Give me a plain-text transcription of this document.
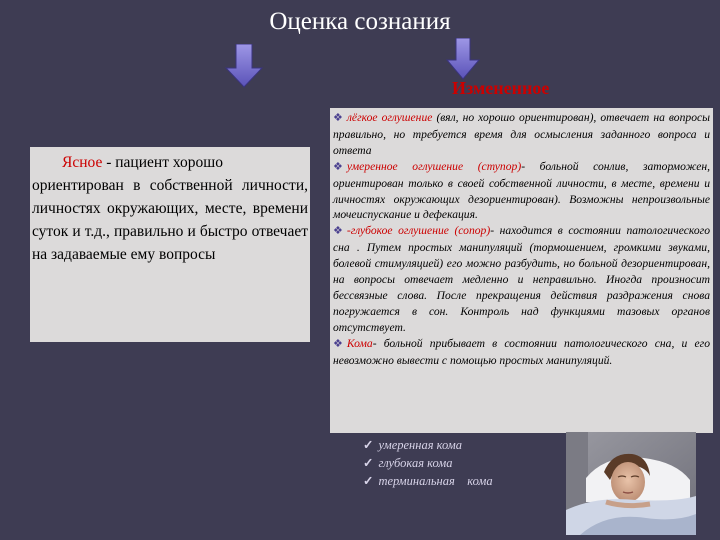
Оценка сознания
Измененное
Ясное - пациент хорошо
ориентирован в собственной личности, личностях окружающих, месте, времени суток и т.д., правильно и быстро отвечает на задаваемые ему вопросы

❖ лёгкое оглушение (вял, но хорошо ориентирован), отвечает на вопросы правильно, но требуется время для осмысления заданного вопроса и ответа

❖ умеренное оглушение (ступор)- больной сонлив, заторможен, ориентирован только в своей собственной личности, в месте, времени и личностях окружающих дезориентирован). Возможны непроизвольные мочеиспускание и дефекация.

❖ -глубокое оглушение (сопор)- находится в состоянии патологического сна . Путем простых манипуляций (тормошением, громкими звуками, болевой стимуляцией) его можно разбудить, но больной дезориентирован, на вопросы отвечает медленно и неправильно. Иногда произносит бессвязные слова. После прекращения действия раздражения снова погружается в сон. Контроль над функциями тазовых органов отсутствует.

❖ Кома- больной прибывает в состоянии патологического сна, и его невозможно вывести с помощью простых манипуляций.

✓ умеренная кома
✓ глубокая кома
✓ терминальная    кома
